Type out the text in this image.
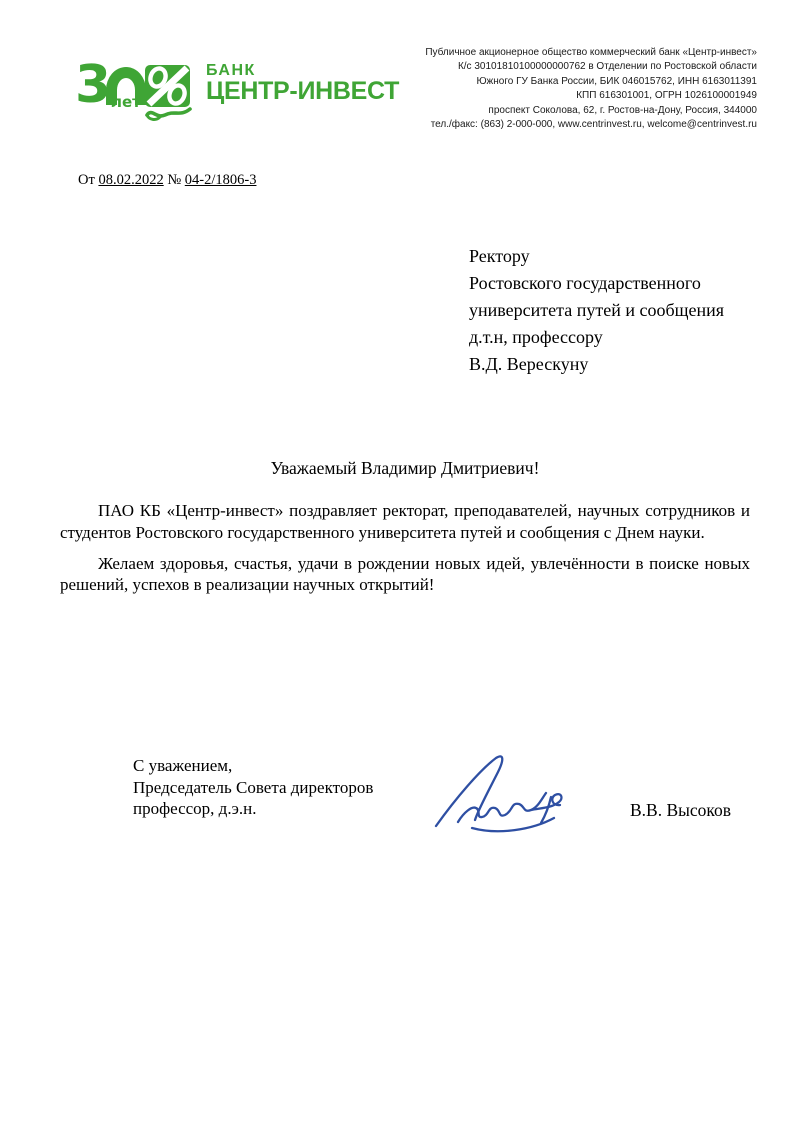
3 лет
БАНК
ЦЕНТР-ИНВЕСТ
Публичное акционерное общество коммерческий банк «Центр-инвест»
К/с 30101810100000000762 в Отделении по Ростовской области
Южного ГУ Банка России, БИК 046015762, ИНН 6163011391
КПП 616301001, ОГРН 1026100001949
проспект Соколова, 62, г. Ростов-на-Дону, Россия, 344000
тел./факс: (863) 2-000-000, www.centrinvest.ru, welcome@centrinvest.ru
От 08.02.2022 № 04-2/1806-3
Ректору
Ростовского государственного
университета путей и сообщения
д.т.н, профессору
В.Д. Верескуну
Уважаемый Владимир Дмитриевич!

ПАО КБ «Центр-инвест» поздравляет ректорат, преподавателей, научных сотрудников и студентов Ростовского государственного университета путей и сообщения с Днем науки.

Желаем здоровья, счастья, удачи в рождении новых идей, увлечённости в поиске новых решений, успехов в реализации научных открытий!

С уважением,
Председатель Совета директоров
профессор, д.э.н.	В.В. Высоков
